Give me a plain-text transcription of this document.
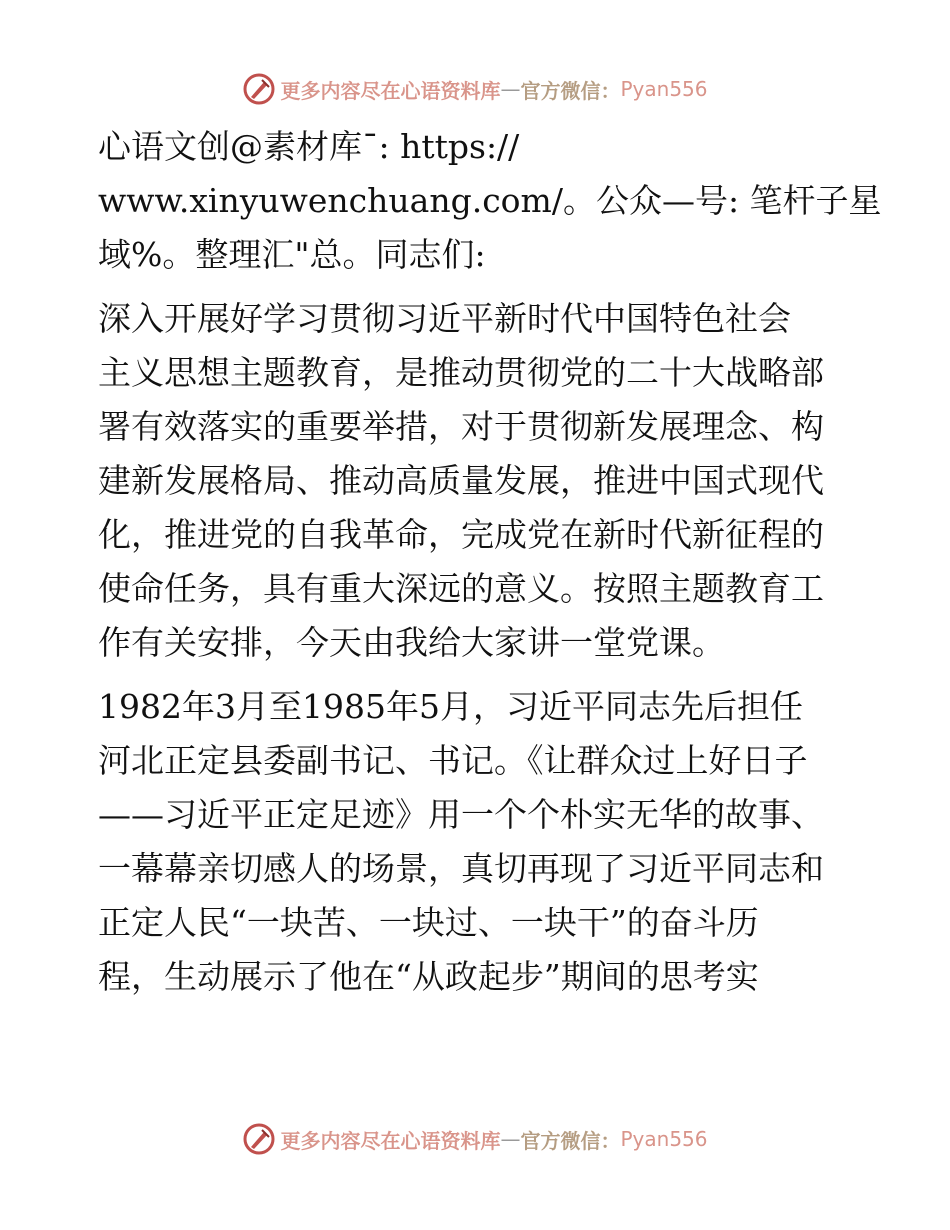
更多内容尽在心语资料库 — 官方微信： Pyan556

心语文创@素材库¯: https://
www.xinyuwenchuang.com/。公众—号: 笔杆子星
域%。整理汇"总。同志们:

深入开展好学习贯彻习近平新时代中国特色社会
主义思想主题教育，是推动贯彻党的二十大战略部
署有效落实的重要举措，对于贯彻新发展理念、构
建新发展格局、推动高质量发展，推进中国式现代
化，推进党的自我革命，完成党在新时代新征程的
使命任务，具有重大深远的意义。按照主题教育工
作有关安排，今天由我给大家讲一堂党课。

1982年3月至1985年5月，习近平同志先后担任
河北正定县委副书记、书记。《让群众过上好日子
——习近平正定足迹》用一个个朴实无华的故事、
一幕幕亲切感人的场景，真切再现了习近平同志和
正定人民“一块苦、一块过、一块干”的奋斗历
程，生动展示了他在“从政起步”期间的思考实

更多内容尽在心语资料库 — 官方微信： Pyan556
